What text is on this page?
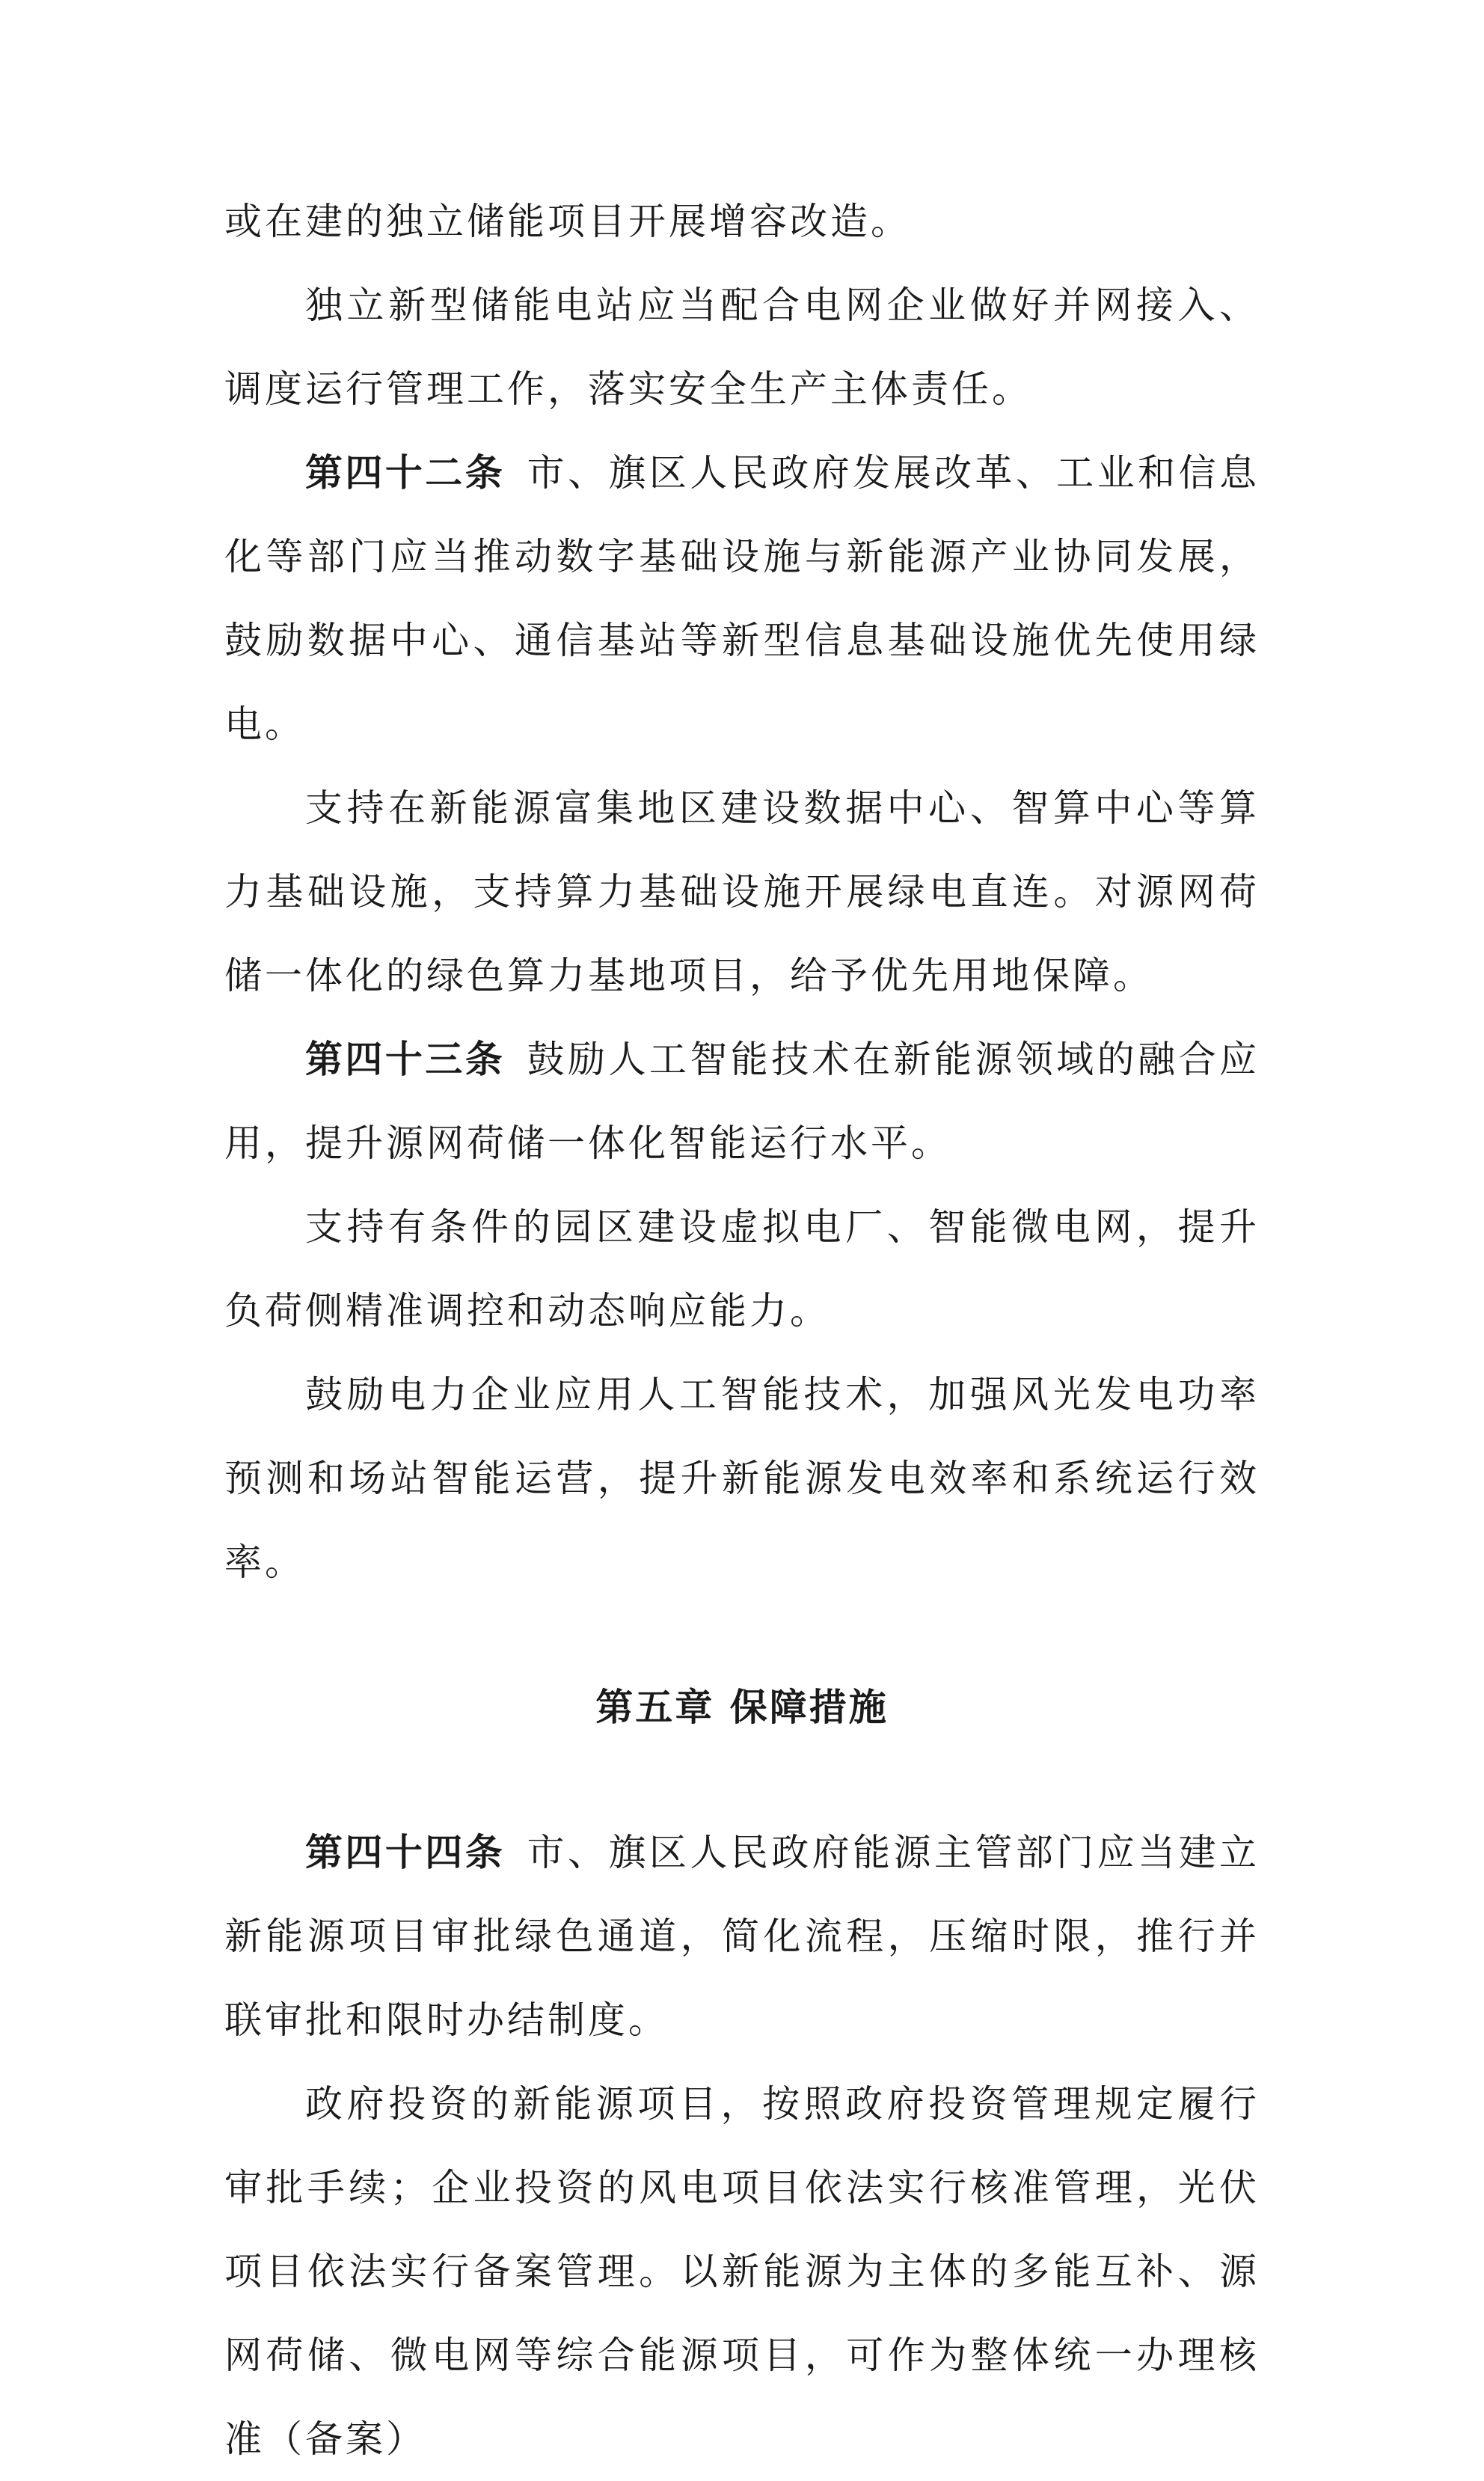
或在建的独立储能项目开展增容改造。

独立新型储能电站应当配合电网企业做好并网接入、调度运行管理工作，落实安全生产主体责任。

第四十二条  市、旗区人民政府发展改革、工业和信息化等部门应当推动数字基础设施与新能源产业协同发展，鼓励数据中心、通信基站等新型信息基础设施优先使用绿电。

支持在新能源富集地区建设数据中心、智算中心等算力基础设施，支持算力基础设施开展绿电直连。对源网荷储一体化的绿色算力基地项目，给予优先用地保障。

第四十三条  鼓励人工智能技术在新能源领域的融合应用，提升源网荷储一体化智能运行水平。

支持有条件的园区建设虚拟电厂、智能微电网，提升负荷侧精准调控和动态响应能力。

鼓励电力企业应用人工智能技术，加强风光发电功率预测和场站智能运营，提升新能源发电效率和系统运行效率。

第五章 保障措施

第四十四条  市、旗区人民政府能源主管部门应当建立新能源项目审批绿色通道，简化流程，压缩时限，推行并联审批和限时办结制度。

政府投资的新能源项目，按照政府投资管理规定履行审批手续；企业投资的风电项目依法实行核准管理，光伏项目依法实行备案管理。以新能源为主体的多能互补、源网荷储、微电网等综合能源项目，可作为整体统一办理核准（备案）
